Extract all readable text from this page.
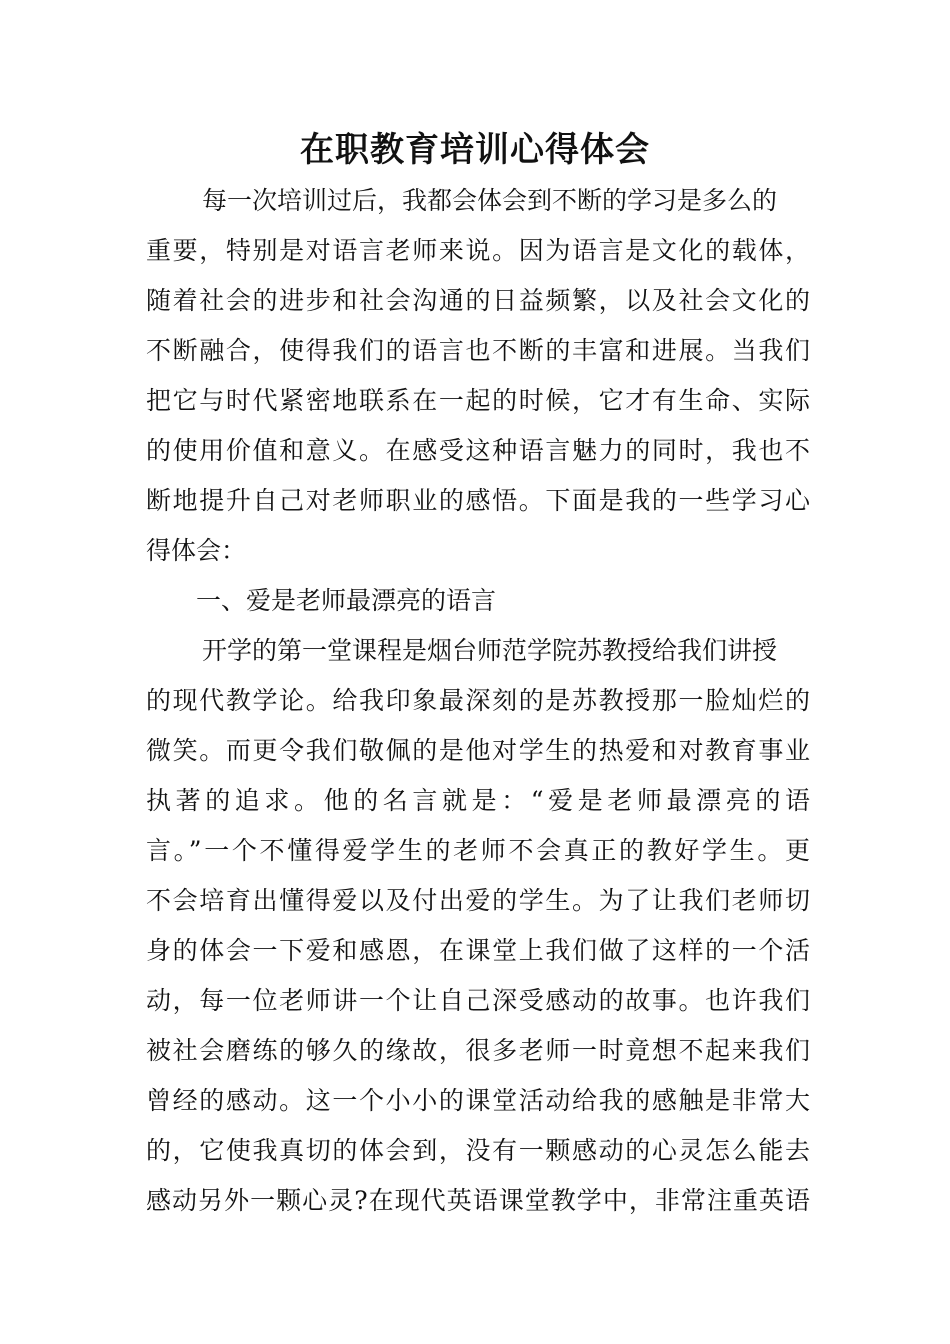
在职教育培训心得体会
每一次培训过后，我都会体会到不断的学习是多么的
重要，特别是对语言老师来说。因为语言是文化的载体，
随着社会的进步和社会沟通的日益频繁，以及社会文化的
不断融合，使得我们的语言也不断的丰富和进展。当我们
把它与时代紧密地联系在一起的时候，它才有生命、实际
的使用价值和意义。在感受这种语言魅力的同时，我也不
断地提升自己对老师职业的感悟。下面是我的一些学习心
得体会：
一、爱是老师最漂亮的语言
开学的第一堂课程是烟台师范学院苏教授给我们讲授
的现代教学论。给我印象最深刻的是苏教授那一脸灿烂的
微笑。而更令我们敬佩的是他对学生的热爱和对教育事业
执著的追求。他的名言就是：“爱是老师最漂亮的语
言。”一个不懂得爱学生的老师不会真正的教好学生。更
不会培育出懂得爱以及付出爱的学生。为了让我们老师切
身的体会一下爱和感恩，在课堂上我们做了这样的一个活
动，每一位老师讲一个让自己深受感动的故事。也许我们
被社会磨练的够久的缘故，很多老师一时竟想不起来我们
曾经的感动。这一个小小的课堂活动给我的感触是非常大
的，它使我真切的体会到，没有一颗感动的心灵怎么能去
感动另外一颗心灵?在现代英语课堂教学中，非常注重英语
